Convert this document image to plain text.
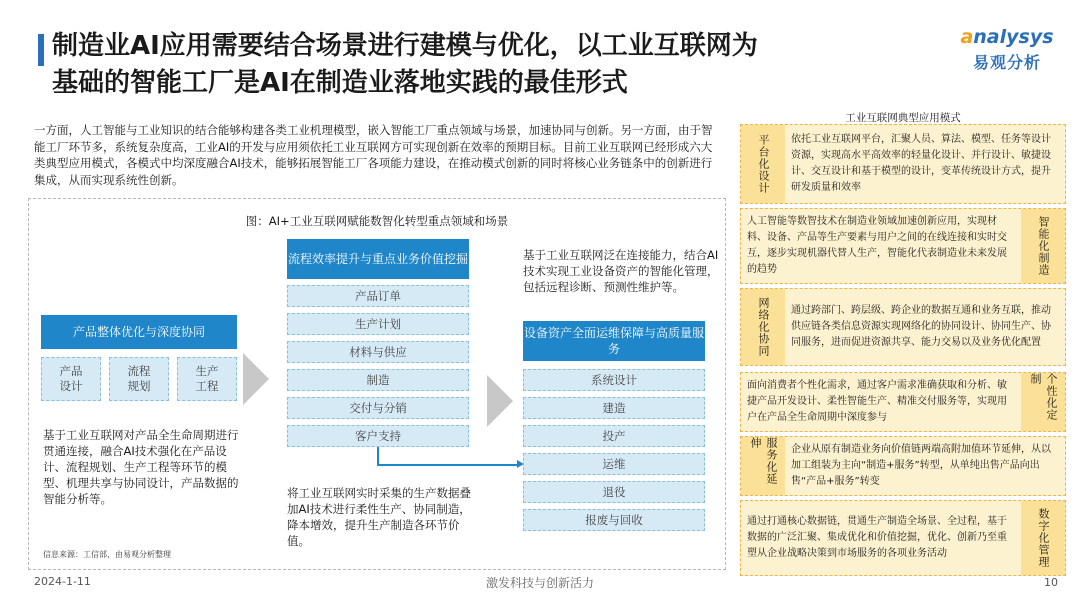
制造业AI应用需要结合场景进行建模与优化，以工业互联网为
基础的智能工厂是AI在制造业落地实践的最佳形式
analysys
易观分析
一方面，人工智能与工业知识的结合能够构建各类工业机理模型，嵌入智能工厂重点领域与场景，加速协同与创新。另一方面，由于智能工厂环节多，系统复杂度高，工业AI的开发与应用须依托工业互联网方可实现创新在效率的预期目标。目前工业互联网已经形成六大类典型应用模式，各模式中均深度融合AI技术，能够拓展智能工厂各项能力建设，在推动模式创新的同时将核心业务链条中的创新进行集成，从而实现系统性创新。
图：AI+工业互联网赋能数智化转型重点领域和场景
产品整体优化与深度协同
产品
设计
流程
规划
生产
工程
基于工业互联网对产品全生命周期进行贯通连接，融合AI技术强化在产品设计、流程规划、生产工程等环节的模型、机理共享与协同设计，产品数据的智能分析等。
信息来源：工信部，由易观分析整理
流程效率提升与重点业务价值挖掘
产品订单
生产计划
材料与供应
制造
交付与分销
客户支持
将工业互联网实时采集的生产数据叠加AI技术进行柔性生产、协同制造，降本增效，提升生产制造各环节价值。
基于工业互联网泛在连接能力，结合AI技术实现工业设备资产的智能化管理，包括远程诊断、预测性维护等。
设备资产全面运维保障与高质量服务
系统设计
建造
投产
运维
退役
报废与回收
工业互联网典型应用模式
平台化设计 依托工业互联网平台，汇聚人员、算法、模型、任务等设计资源，实现高水平高效率的轻量化设计、并行设计、敏捷设计、交互设计和基于模型的设计，变革传统设计方式，提升研发质量和效率
人工智能等数智技术在制造业领域加速创新应用，实现材料、设备、产品等生产要素与用户之间的在线连接和实时交互，逐步实现机器代替人生产，智能化代表制造业未来发展的趋势	智能化制造
网络化协同 通过跨部门、跨层级、跨企业的数据互通和业务互联，推动供应链各类信息资源实现网络化的协同设计、协同生产、协同服务，进而促进资源共享、能力交易以及业务优化配置
面向消费者个性化需求，通过客户需求准确获取和分析、敏捷产品开发设计、柔性智能生产、精准交付服务等，实现用户在产品全生命周期中深度参与	个性化定制
服务化延伸
企业从原有制造业务向价值链两端高附加值环节延伸，从以加工组装为主向“制造+服务”转型，从单纯出售产品向出售“产品+服务”转变
通过打通核心数据链，贯通生产制造全场景、全过程，基于数据的广泛汇聚、集成优化和价值挖掘，优化、创新乃至重塑从企业战略决策到市场服务的各项业务活动	数字化管理
2024-1-11	激发科技与创新活力	10
